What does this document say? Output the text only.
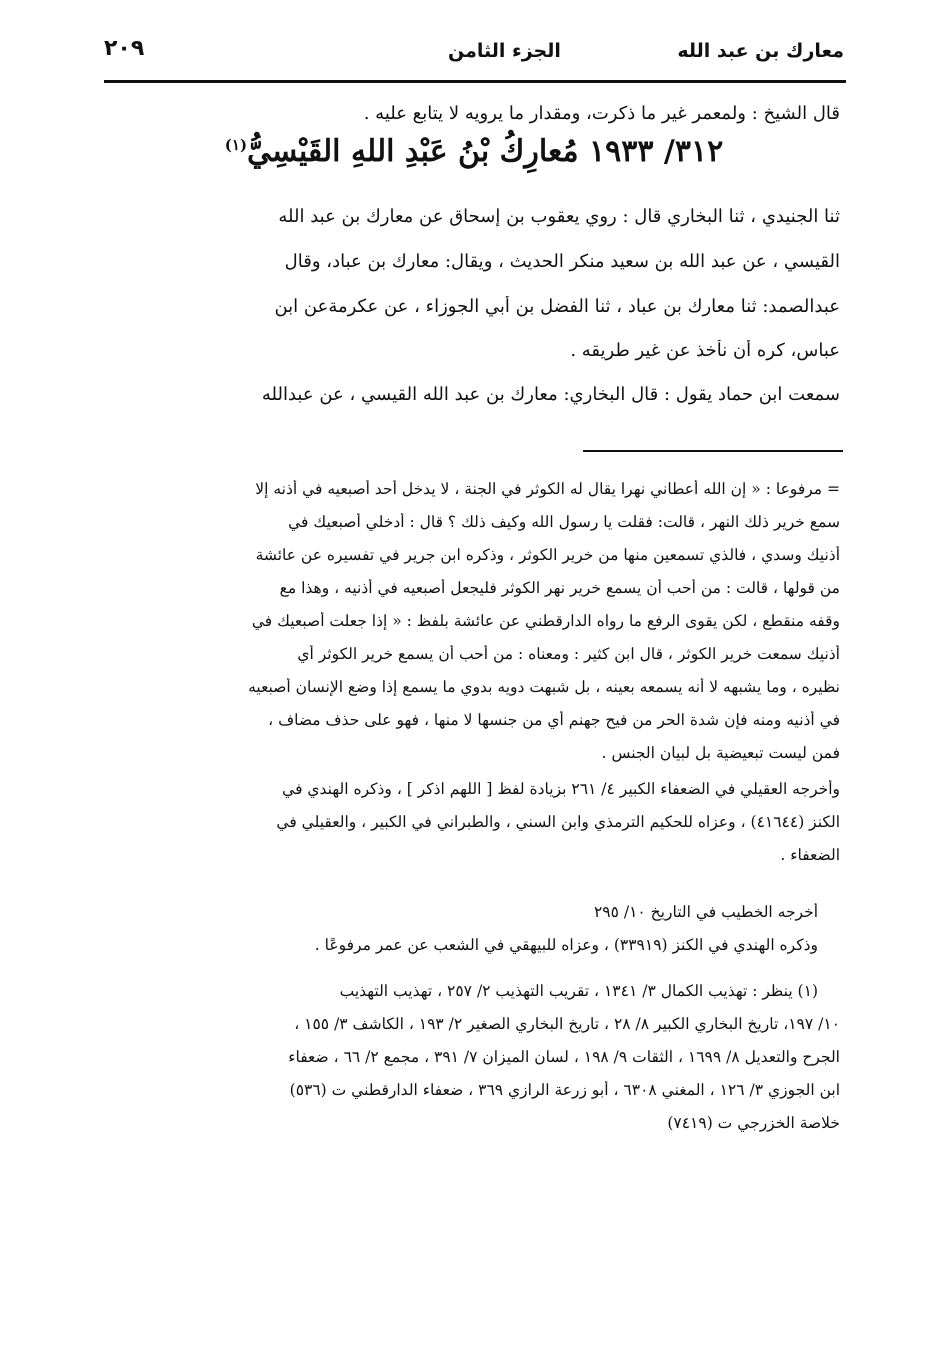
معارك بن عبد الله
الجزء الثامن
٢٠٩
قال الشيخ : ولمعمر غير ما ذكرت، ومقدار ما يرويه لا يتابع عليه .
٣١٢/ ١٩٣٣ مُعارِكُ بْنُ عَبْدِ اللهِ القَيْسِيُّ$^{(١)}$
ثنا الجنيدي ، ثنا البخاري قال : روي يعقوب بن إسحاق عن معارك بن عبد الله
القيسي ، عن عبد الله بن سعيد منكر الحديث ، ويقال: معارك بن عباد، وقال
عبدالصمد: ثنا معارك بن عباد ، ثنا الفضل بن أبي الجوزاء ، عن عكرمةعن ابن
عباس، كره أن نأخذ عن غير طريقه .
سمعت ابن حماد يقول : قال البخاري: معارك بن عبد الله القيسي ، عن عبدالله
= مرفوعا : « إن الله أعطاني نهرا يقال له الكوثر في الجنة ، لا يدخل أحد أصبعيه في أذنه إلا
سمع خرير ذلك النهر ، قالت: فقلت يا رسول الله وكيف ذلك ؟ قال : أدخلي أصبعيك في
أذنيك وسدي ، فالذي تسمعين منها من خرير الكوثر ، وذكره ابن جرير في تفسيره عن عائشة
من قولها ، قالت : من أحب أن يسمع خرير نهر الكوثر فليجعل أصبعيه في أذنيه ، وهذا مع
وقفه منقطع ، لكن يقوى الرفع ما رواه الدارقطني عن عائشة بلفظ : « إذا جعلت أصبعيك في
أذنيك سمعت خرير الكوثر ، قال ابن كثير : ومعناه : من أحب أن يسمع خرير الكوثر أي
نظيره ، وما يشبهه لا أنه يسمعه بعينه ، بل شبهت دويه بدوي ما يسمع إذا وضع الإنسان أصبعيه
في أذنيه ومنه فإن شدة الحر من فيح جهنم أي من جنسها لا منها ، فهو على حذف مضاف ،
فمن ليست تبعيضية بل لبيان الجنس .
وأخرجه العقيلي في الضعفاء الكبير ٤/ ٢٦١ بزيادة لفظ [ اللهم اذكر ] ، وذكره الهندي في
الكنز (٤١٦٤٤) ، وعزاه للحكيم الترمذي وابن السني ، والطبراني في الكبير ، والعقيلي في
الضعفاء .
أخرجه الخطيب في التاريخ ١٠/ ٢٩٥
وذكره الهندي في الكنز (٣٣٩١٩) ، وعزاه للبيهقي في الشعب عن عمر مرفوعًا .
(١) ينظر : تهذيب الكمال ٣/ ١٣٤١ ، تقريب التهذيب ٢/ ٢٥٧ ، تهذيب التهذيب
١٠/ ١٩٧، تاريخ البخاري الكبير ٨/ ٢٨ ، تاريخ البخاري الصغير ٢/ ١٩٣ ، الكاشف ٣/ ١٥٥ ،
الجرح والتعديل ٨/ ١٦٩٩ ، الثقات ٩/ ١٩٨ ، لسان الميزان ٧/ ٣٩١ ، مجمع ٢/ ٦٦ ، ضعفاء
ابن الجوزي ٣/ ١٢٦ ، المغني ٦٣٠٨ ، أبو زرعة الرازي ٣٦٩ ، ضعفاء الدارقطني ت (٥٣٦)
خلاصة الخزرجي ت (٧٤١٩)
